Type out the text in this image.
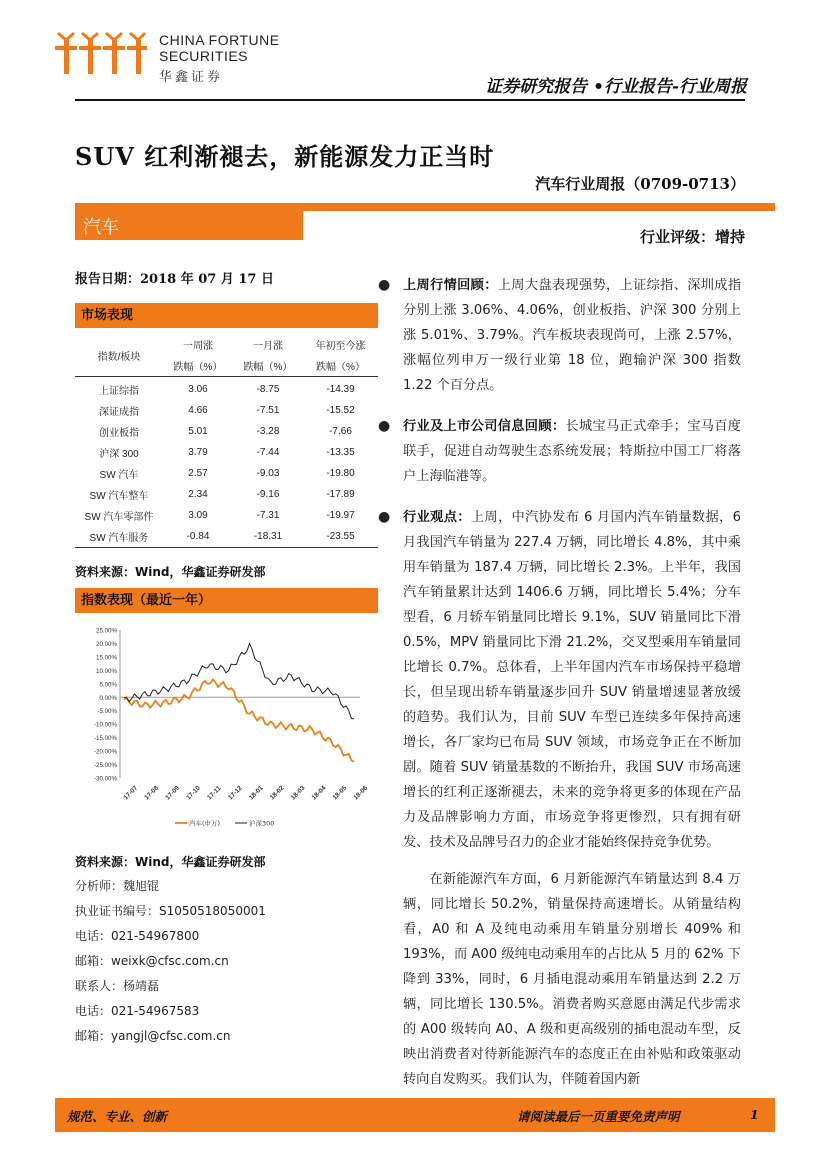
CHINA FORTUNE
SECURITIES
华鑫证券	证券研究报告 •行业报告-行业周报
SUV 红利渐褪去，新能源发力正当时
汽车行业周报（0709-0713）
汽车	行业评级：增持
报告日期：2018 年 07 月 17 日
市场表现
指数/板块	一周涨	一月涨	年初至今涨
	跌幅（%）	跌幅（%）	跌幅（%）

上证综指	3.06	-8.75	-14.39
深证成指	4.66	-7.51	-15.52
创业板指	5.01	-3.28	-7.66
沪深 300	3.79	-7.44	-13.35
SW 汽车	2.57	-9.03	-19.80
SW 汽车整车	2.34	-9.16	-17.89
SW 汽车零部件	3.09	-7.31	-19.97
SW 汽车服务	-0.84	-18.31	-23.55
资料来源：Wind，华鑫证券研发部
指数表现（最近一年）
25.00%
20.00%
15.00%
10.00%
5.00%
0.00%
-5.00%
-10.00%
-15.00%
-20.00%
-25.00%
-30.00%
17-07 17-08 17-09 17-10 17-11 17-12 18-01 18-02 18-03 18-04 18-05 18-06
汽车(申万)	沪深300
资料来源：Wind，华鑫证券研发部
分析师：魏旭锟
执业证书编号：S1050518050001
电话：021-54967800
邮箱：weixk@cfsc.com.cn
联系人：杨靖磊
电话：021-54967583
邮箱：yangjl@cfsc.com.cn
● 上周行情回顾：上周大盘表现强势，上证综指、深圳成指分别上涨 3.06%、4.06%，创业板指、沪深 300 分别上涨 5.01%、3.79%。汽车板块表现尚可，上涨 2.57%，涨幅位列申万一级行业第 18 位，跑输沪深 300 指数 1.22 个百分点。
● 行业及上市公司信息回顾：长城宝马正式牵手；宝马百度联手，促进自动驾驶生态系统发展；特斯拉中国工厂将落户上海临港等。
● 行业观点：上周，中汽协发布 6 月国内汽车销量数据，6 月我国汽车销量为 227.4 万辆，同比增长 4.8%，其中乘用车销量为 187.4 万辆，同比增长 2.3%。上半年，我国汽车销量累计达到 1406.6 万辆，同比增长 5.4%；分车型看，6 月轿车销量同比增长 9.1%，SUV 销量同比下滑 0.5%，MPV 销量同比下滑 21.2%，交叉型乘用车销量同比增长 0.7%。总体看，上半年国内汽车市场保持平稳增长，但呈现出轿车销量逐步回升 SUV 销量增速显著放缓的趋势。我们认为，目前 SUV 车型已连续多年保持高速增长，各厂家均已布局 SUV 领域，市场竞争正在不断加剧。随着 SUV 销量基数的不断抬升，我国 SUV 市场高速增长的红利正逐渐褪去，未来的竞争将更多的体现在产品力及品牌影响力方面，市场竞争将更惨烈，只有拥有研发、技术及品牌号召力的企业才能始终保持竞争优势。
在新能源汽车方面，6 月新能源汽车销量达到 8.4 万辆，同比增长 50.2%，销量保持高速增长。从销量结构看，A0 和 A 及纯电动乘用车销量分别增长 409% 和 193%，而 A00 级纯电动乘用车的占比从 5 月的 62% 下降到 33%，同时，6 月插电混动乘用车销量达到 2.2 万辆，同比增长 130.5%。消费者购买意愿由满足代步需求的 A00 级转向 A0、A 级和更高级别的插电混动车型，反映出消费者对待新能源汽车的态度正在由补贴和政策驱动转向自发购买。我们认为，伴随着国内新
规范、专业、创新	请阅读最后一页重要免责声明	1
